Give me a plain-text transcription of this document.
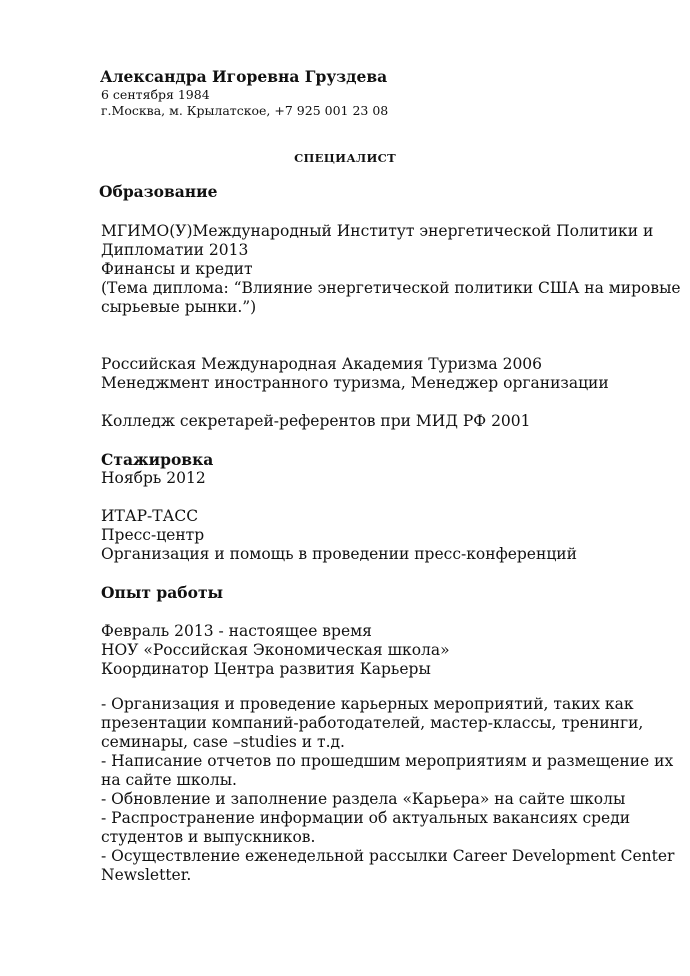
Александра Игоревна Груздева
6 сентября 1984
г.Москва, м. Крылатское, +7 925 001 23 08
СПЕЦИАЛИСТ
Образование
МГИМО(У)Международный Институт энергетической Политики и
Дипломатии 2013
Финансы и кредит
(Тема диплома: “Влияние энергетической политики США на мировые
сырьевые рынки.”)
Российская Международная Академия Туризма 2006
Менеджмент иностранного туризма, Менеджер организации
Колледж секретарей-референтов при МИД РФ 2001
Стажировка
Ноябрь 2012
ИТАР-ТАСС
Пресс-центр
Организация и помощь в проведении пресс-конференций
Опыт работы
Февраль 2013 - настоящее время
НОУ «Российская Экономическая школа»
Координатор Центра развития Карьеры

- Организация и проведение карьерных мероприятий, таких как презентации компаний-работодателей, мастер-классы, тренинги, семинары, case –studies и т.д.

- Написание отчетов по прошедшим мероприятиям и размещение их на сайте школы.

- Обновление и заполнение раздела «Карьера» на сайте школы

- Распространение информации об актуальных вакансиях среди студентов и выпускников.

- Осуществление еженедельной рассылки Career Development Center Newsletter.
